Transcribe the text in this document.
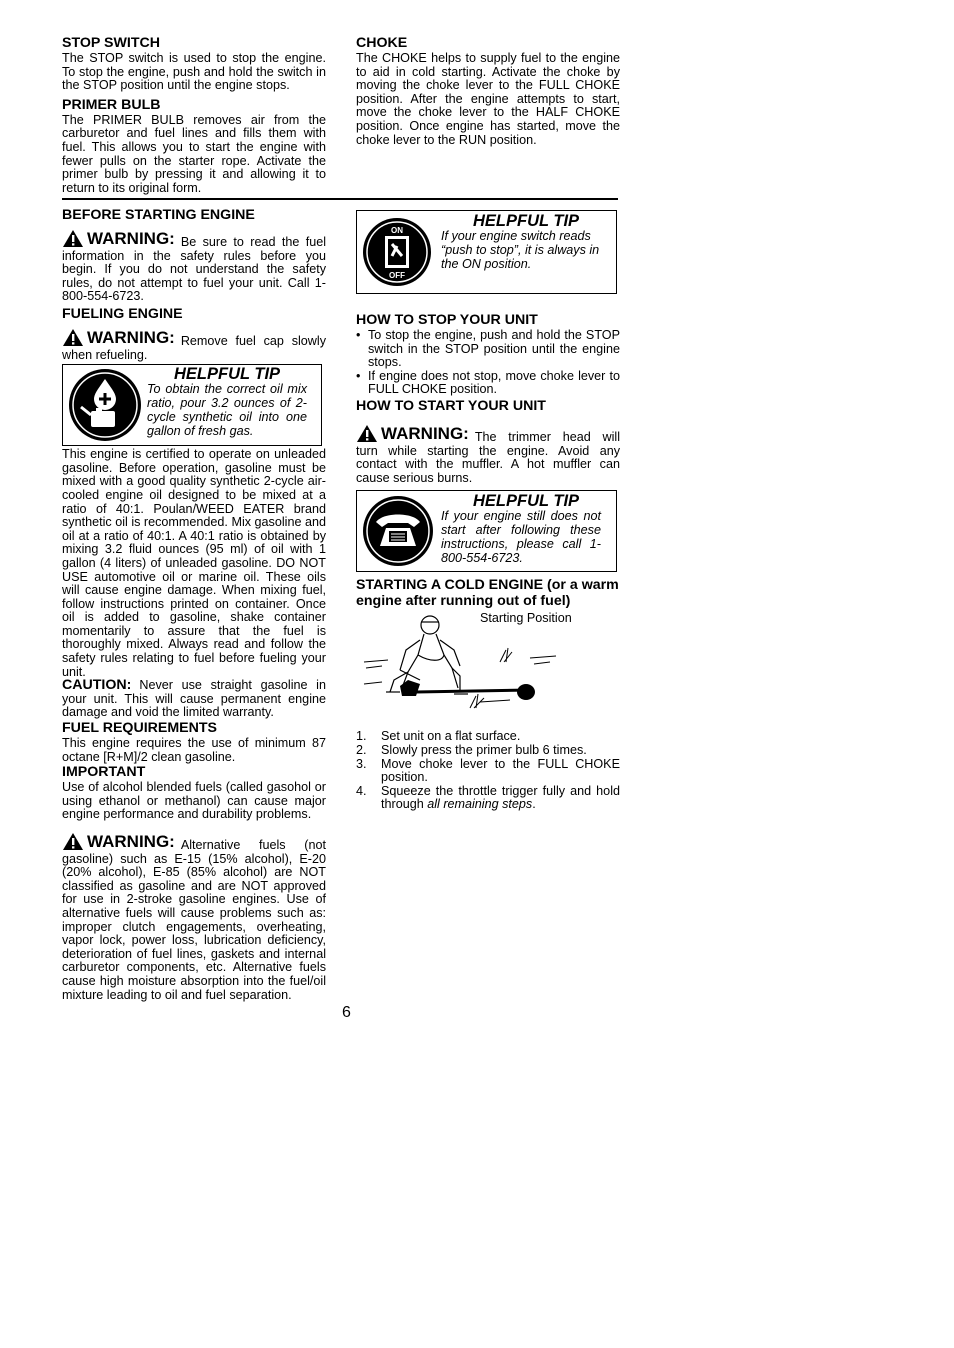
STOP SWITCH

The STOP switch is used to stop the engine. To stop the engine, push and hold the switch in the STOP position until the engine stops.

PRIMER BULB

The PRIMER BULB removes air from the carburetor and fuel lines and fills them with fuel. This allows you to start the engine with fewer pulls on the starter rope. Activate the primer bulb by pressing it and allowing it to return to its original form.

CHOKE

The CHOKE helps to supply fuel to the engine to aid in cold starting. Activate the choke by moving the choke lever to the FULL CHOKE position. After the engine attempts to start, move the choke lever to the HALF CHOKE position. Once engine has started, move the choke lever to the RUN position.

BEFORE STARTING ENGINE

WARNING: Be sure to read the fuel information in the safety rules before you begin. If you do not understand the safety rules, do not attempt to fuel your unit. Call 1-800-554-6723.

FUELING ENGINE

WARNING: Remove fuel cap slowly when refueling.

HELPFUL TIP
To obtain the correct oil mix ratio, pour 3.2 ounces of 2-cycle synthetic oil into one gallon of fresh gas.

This engine is certified to operate on unleaded gasoline. Before operation, gasoline must be mixed with a good quality synthetic 2-cycle air-cooled engine oil designed to be mixed at a ratio of 40:1. Poulan/WEED EATER brand synthetic oil is recommended. Mix gasoline and oil at a ratio of 40:1. A 40:1 ratio is obtained by mixing 3.2 fluid ounces (95 ml) of oil with 1 gallon (4 liters) of unleaded gasoline. DO NOT USE automotive oil or marine oil. These oils will cause engine damage. When mixing fuel, follow instructions printed on container. Once oil is added to gasoline, shake container momentarily to assure that the fuel is thoroughly mixed. Always read and follow the safety rules relating to fuel before fueling your unit.

CAUTION: Never use straight gasoline in your unit. This will cause permanent engine damage and void the limited warranty.

FUEL REQUIREMENTS

This engine requires the use of minimum 87 octane [R+M]/2 clean gasoline.

IMPORTANT

Use of alcohol blended fuels (called gasohol or using ethanol or methanol) can cause major engine performance and durability problems.

WARNING: Alternative fuels (not gasoline) such as E-15 (15% alcohol), E-20 (20% alcohol), E-85 (85% alcohol) are NOT classified as gasoline and are NOT approved for use in 2-stroke gasoline engines. Use of alternative fuels will cause problems such as: improper clutch engagements, overheating, vapor lock, power loss, lubrication deficiency, deterioration of fuel lines, gaskets and internal carburetor components, etc. Alternative fuels cause high moisture absorption into the fuel/oil mixture leading to oil and fuel separation.

ON
OFF
HELPFUL TIP
If your engine switch reads “push to stop”, it is always in the ON position.
HOW TO STOP YOUR UNIT
• To stop the engine, push and hold the STOP switch in the STOP position until the engine stops.
• If engine does not stop, move choke lever to FULL CHOKE position.
HOW TO START YOUR UNIT

WARNING: The trimmer head will turn while starting the engine. Avoid any contact with the muffler. A hot muffler can cause serious burns.

HELPFUL TIP
If your engine still does not start after following these instructions, please call 1-800-554-6723.
STARTING A COLD ENGINE (or a warm engine after running out of fuel)
Starting Position
1. Set unit on a flat surface.
2. Slowly press the primer bulb 6 times.
3. Move choke lever to the FULL CHOKE position.
4. Squeeze the throttle trigger fully and hold through all remaining steps.
6
